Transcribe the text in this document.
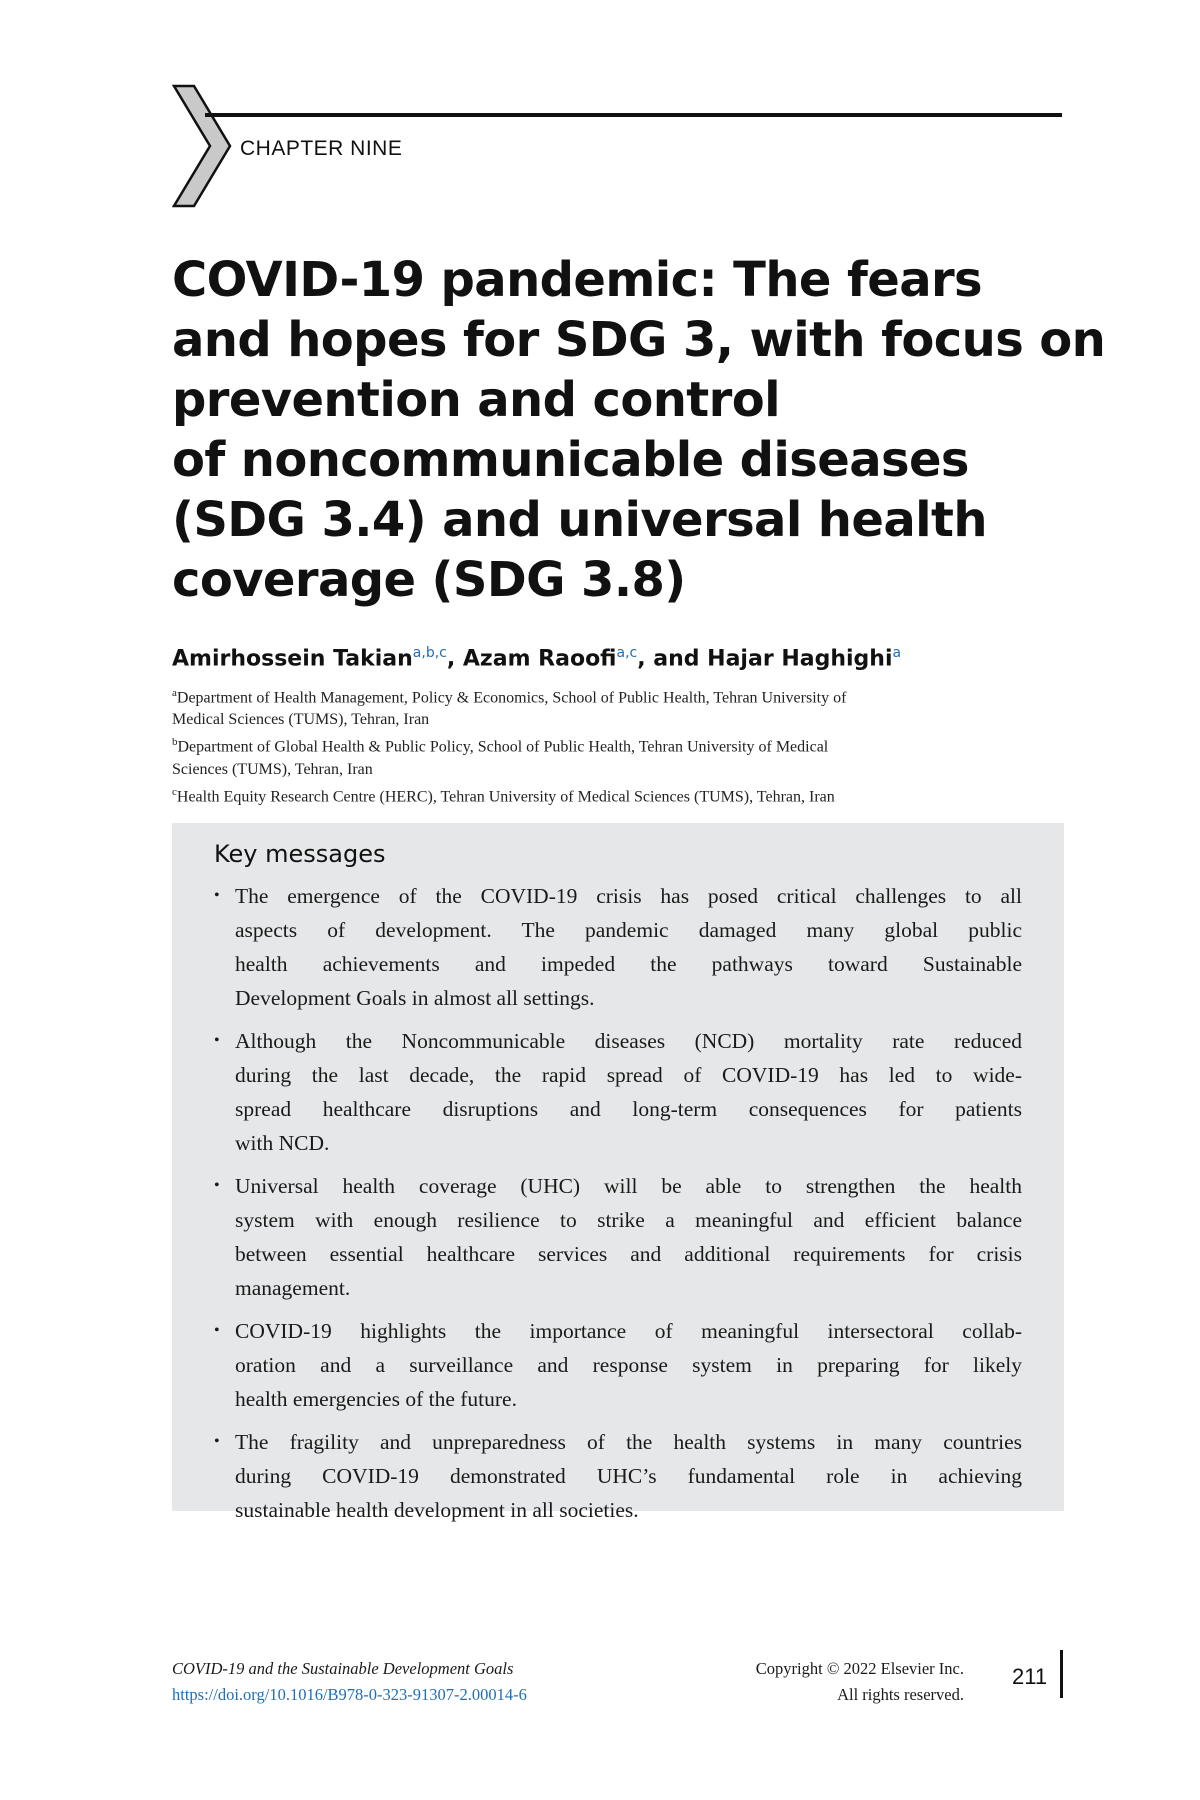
CHAPTER NINE
COVID-19 pandemic: The fears
and hopes for SDG 3, with focus on
prevention and control
of noncommunicable diseases
(SDG 3.4) and universal health
coverage (SDG 3.8)
Amirhossein Takian$^{a,b,c}$, Azam Raoofi$^{a,c}$, and Hajar Haghighi$^a$
$^a$Department of Health Management, Policy & Economics, School of Public Health, Tehran University of
Medical Sciences (TUMS), Tehran, Iran
$^b$Department of Global Health & Public Policy, School of Public Health, Tehran University of Medical
Sciences (TUMS), Tehran, Iran
$^c$Health Equity Research Centre (HERC), Tehran University of Medical Sciences (TUMS), Tehran, Iran
Key messages
• The emergence of the COVID-19 crisis has posed critical challenges to all
aspects of development. The pandemic damaged many global public
health achievements and impeded the pathways toward Sustainable
Development Goals in almost all settings.
• Although the Noncommunicable diseases (NCD) mortality rate reduced
during the last decade, the rapid spread of COVID-19 has led to wide-
spread healthcare disruptions and long-term consequences for patients
with NCD.
• Universal health coverage (UHC) will be able to strengthen the health
system with enough resilience to strike a meaningful and efficient balance
between essential healthcare services and additional requirements for crisis
management.
• COVID-19 highlights the importance of meaningful intersectoral collab-
oration and a surveillance and response system in preparing for likely
health emergencies of the future.
• The fragility and unpreparedness of the health systems in many countries
during COVID-19 demonstrated UHC’s fundamental role in achieving
sustainable health development in all societies.
COVID-19 and the Sustainable Development Goals
https://doi.org/10.1016/B978-0-323-91307-2.00014-6
Copyright © 2022 Elsevier Inc.
All rights reserved.
211
